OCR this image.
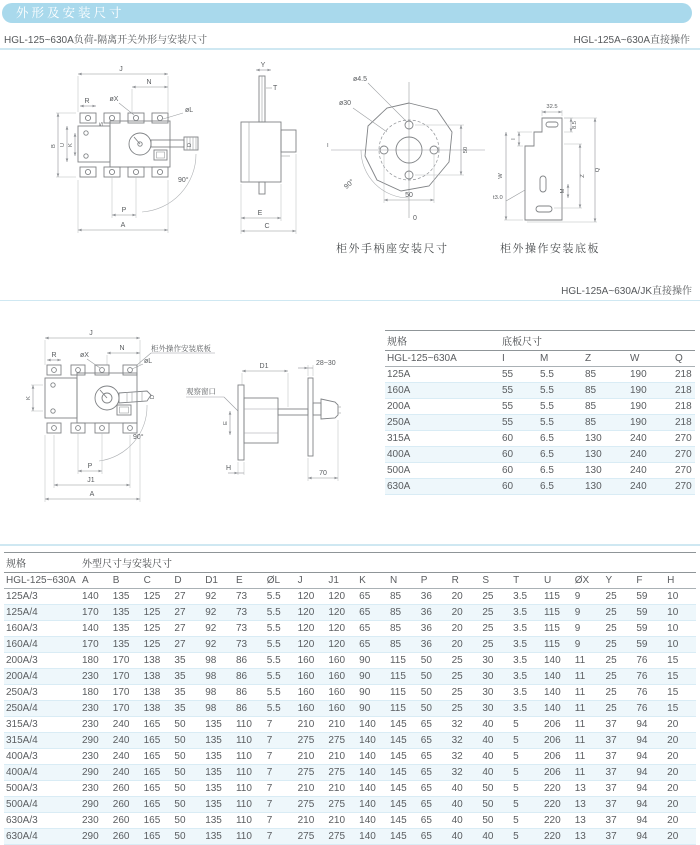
外形及安装尺寸
HGL-125~630A负荷-隔离开关外形与安装尺寸	HGL-125A~630A直接操作
J
N
R	øX
øL
S
B U K	D
90°
P
A
Y
T
E
C
I
0
ø4.5
ø30
50
50
90°
32.5
8.5
I
W	Z
M
Q
t3.0
柜外手柄座安装尺寸	柜外操作安装底板
HGL-125A~630A/JK直接操作
J
N	柜外操作安装底板
R	øX
øL
K	D
90°
P
J1
A
观察窗口
D1	28~30
70
H
E
规格	底板尺寸				
HGL-125~630A	I	M	Z	W	Q
125A	55	5.5	85	190	218
160A	55	5.5	85	190	218
200A	55	5.5	85	190	218
250A	55	5.5	85	190	218
315A	60	6.5	130	240	270
400A	60	6.5	130	240	270
500A	60	6.5	130	240	270
630A	60	6.5	130	240	270
规格	外型尺寸与安装尺寸																			
HGL-125~630A	A	B	C	D	D1	E	ØL	J	J1	K	N	P	R	S	T	U	ØX	Y	F	H
125A/3	140	135	125	27	92	73	5.5	120	120	65	85	36	20	25	3.5	115	9	25	59	10
125A/4	170	135	125	27	92	73	5.5	120	120	65	85	36	20	25	3.5	115	9	25	59	10
160A/3	140	135	125	27	92	73	5.5	120	120	65	85	36	20	25	3.5	115	9	25	59	10
160A/4	170	135	125	27	92	73	5.5	120	120	65	85	36	20	25	3.5	115	9	25	59	10
200A/3	180	170	138	35	98	86	5.5	160	160	90	115	50	25	30	3.5	140	11	25	76	15
200A/4	230	170	138	35	98	86	5.5	160	160	90	115	50	25	30	3.5	140	11	25	76	15
250A/3	180	170	138	35	98	86	5.5	160	160	90	115	50	25	30	3.5	140	11	25	76	15
250A/4	230	170	138	35	98	86	5.5	160	160	90	115	50	25	30	3.5	140	11	25	76	15
315A/3	230	240	165	50	135	110	7	210	210	140	145	65	32	40	5	206	11	37	94	20
315A/4	290	240	165	50	135	110	7	275	275	140	145	65	32	40	5	206	11	37	94	20
400A/3	230	240	165	50	135	110	7	210	210	140	145	65	32	40	5	206	11	37	94	20
400A/4	290	240	165	50	135	110	7	275	275	140	145	65	32	40	5	206	11	37	94	20
500A/3	230	260	165	50	135	110	7	210	210	140	145	65	40	50	5	220	13	37	94	20
500A/4	290	260	165	50	135	110	7	275	275	140	145	65	40	50	5	220	13	37	94	20
630A/3	230	260	165	50	135	110	7	210	210	140	145	65	40	50	5	220	13	37	94	20
630A/4	290	260	165	50	135	110	7	275	275	140	145	65	40	40	5	220	13	37	94	20
